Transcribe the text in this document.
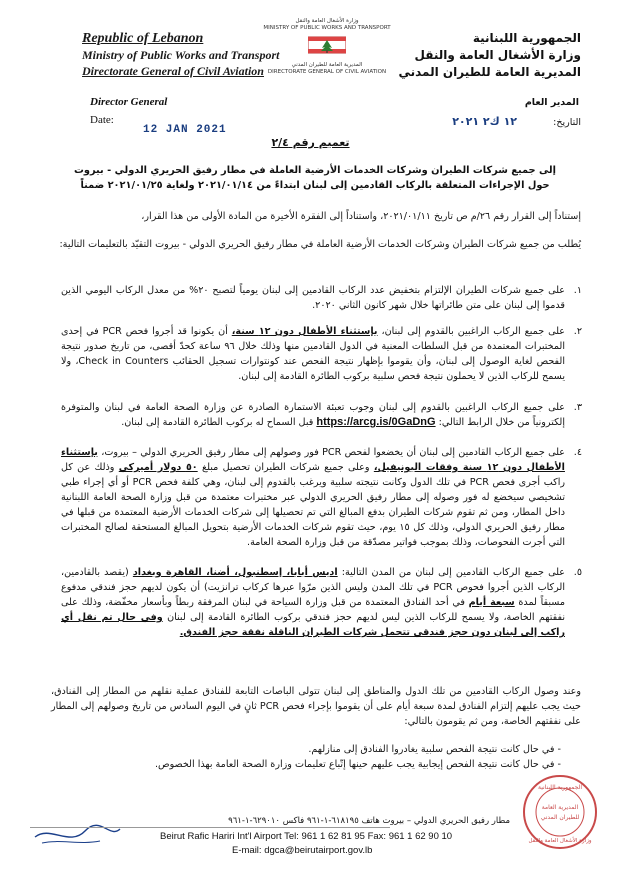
Republic of Lebanon
Ministry of Public Works and Transport
Directorate General of Civil Aviation
وزارة الأشغال العامة والنقل
MINISTRY OF PUBLIC WORKS AND TRANSPORT
المديرية العامة للطيران المدني
DIRECTORATE GENERAL OF CIVIL AVIATION
الجمهورية اللبنانية
وزارة الأشغال العامة والنقل
المديرية العامة للطيران المدني
Director General	المدير العام
Date:
12 JAN 2021
التاريخ:
١٢ ك٢ ٢٠٢١
تعميم رقم ٢/٤
إلى جميع شركات الطيران وشركات الخدمات الأرضية العاملة في مطار رفيق الحريري الدولي - بيروت
حول الإجراءات المتعلقة بالركاب القادمين إلى لبنان ابتداءً من ٢٠٢١/٠١/١٤ ولغاية ٢٠٢١/٠١/٢٥ ضمناً
إستناداً إلى القرار رقم ٢٦/م ص تاريخ ٢٠٢١/٠١/١١، واستناداً إلى الفقرة الأخيرة من المادة الأولى من هذا القرار،
يُطلب من جميع شركات الطيران وشركات الخدمات الأرضية العاملة في مطار رفيق الحريري الدولي - بيروت التقيّد بالتعليمات التالية:
١.
على جميع شركات الطيران الإلتزام بتخفيض عدد الركاب القادمين إلى لبنان يومياً لتصبح ٢٠% من معدل الركاب اليومي الذين قدموا إلى لبنان على متن طائراتها خلال شهر كانون الثاني ٢٠٢٠.
٢.
على جميع الركاب الراغبين بالقدوم إلى لبنان، بإستثناء الأطفال دون ١٢ سنة، أن يكونوا قد أجروا فحص PCR في إحدى المختبرات المعتمدة من قبل السلطات المعنية في الدول القادمين منها وذلك خلال ٩٦ ساعة كحدّ أقصى، من تاريخ صدور نتيجة الفحص لغاية الوصول إلى لبنان، وأن يقوموا بإظهار نتيجة الفحص عند كونتوارات تسجيل الحقائب Check in Counters، ولا يسمح للركاب الذين لا يحملون نتيجة فحص سلبية بركوب الطائرة القادمة إلى لبنان.
٣.
على جميع الركاب الراغبين بالقدوم إلى لبنان وجوب تعبئة الاستمارة الصادرة عن وزارة الصحة العامة في لبنان والمتوفرة إلكترونياً من خلال الرابط التالي: https://arcg.is/0GaDnG قبل السماح له بركوب الطائرة القادمة إلى لبنان.
٤.
على جميع الركاب القادمين إلى لبنان أن يخضعوا لفحص PCR فور وصولهم إلى مطار رفيق الحريري الدولي – بيروت، بإستثناء الأطفال دون ١٢ سنة وفقات اليونيفيل، وعلى جميع شركات الطيران تحصيل مبلغ ٥٠ دولار أميركي وذلك عن كل راكب أجرى فحص PCR في تلك الدول وكانت نتيجته سلبية ويرغب بالقدوم إلى لبنان، وهي كلفة فحص PCR أو أي إجراء طبي تشخيصي سيخضع له فور وصوله إلى مطار رفيق الحريري الدولي عبر مختبرات معتمدة من قبل وزارة الصحة العامة اللبنانية داخل المطار، ومن ثم تقوم شركات الطيران بدفع المبالغ التي تم تحصيلها إلى شركات الخدمات الأرضية المعتمدة من قبلها في مطار رفيق الحريري الدولي، وذلك كل ١٥ يوم، حيث تقوم شركات الخدمات الأرضية بتحويل المبالغ المستحقة لصالح المختبرات التي أجرت الفحوصات، وذلك بموجب فواتير مصدّقة من قبل وزارة الصحة العامة.
٥.
على جميع الركاب القادمين إلى لبنان من المدن التالية: اديس أبابا، إسطنبول، أضنا، القاهرة وبغداد (يقصد بالقادمين، الركاب الذين أجروا فحوص PCR في تلك المدن وليس الذين مرّوا عبرها كركاب ترانزيت) أن يكون لديهم حجز فندقي مدفوع مسبقاً لمدة سبعة أيام في أحد الفنادق المعتمدة من قبل وزارة السياحة في لبنان المرفقة ربطاً وبأسعار مخفّضة، وذلك على نفقتهم الخاصة، ولا يسمح للركاب الذين ليس لديهم حجز فندقي بركوب الطائرة القادمة إلى لبنان وفي حال تم نقل أي راكب إلى لبنان دون حجز فندقي تتحمل شركات الطيران الناقلة نفقة حجز الفندق.
وعند وصول الركاب القادمين من تلك الدول والمناطق إلى لبنان تتولى الباصات التابعة للفنادق عملية نقلهم من المطار إلى الفنادق، حيث يجب عليهم إلتزام الفنادق لمدة سبعة أيام على أن يقوموا بإجراء فحص PCR ثانٍ في اليوم السادس من تاريخ وصولهم إلى المطار على نفقتهم الخاصة، ومن ثم يقومون بالتالي:
- في حال كانت نتيجة الفحص سلبية يغادروا الفنادق إلى منازلهم.
- في حال كانت نتيجة الفحص إيجابية يجب عليهم حينها إتّباع تعليمات وزارة الصحة العامة بهذا الخصوص.
الجمهورية اللبنانية
المديرية العامة
للطيران المدني
وزارة الأشغال العامة والنقل
مطار رفيق الحريري الدولي – بيروت هاتف ٦١٨١٩٥-١-٩٦١ فاكس ٦٢٩٠١٠-١-٩٦١
Beirut Rafic Hariri Int'l Airport Tel: 961 1 62 81 95 Fax: 961 1 62 90 10
E-mail: dgca@beirutairport.gov.lb
